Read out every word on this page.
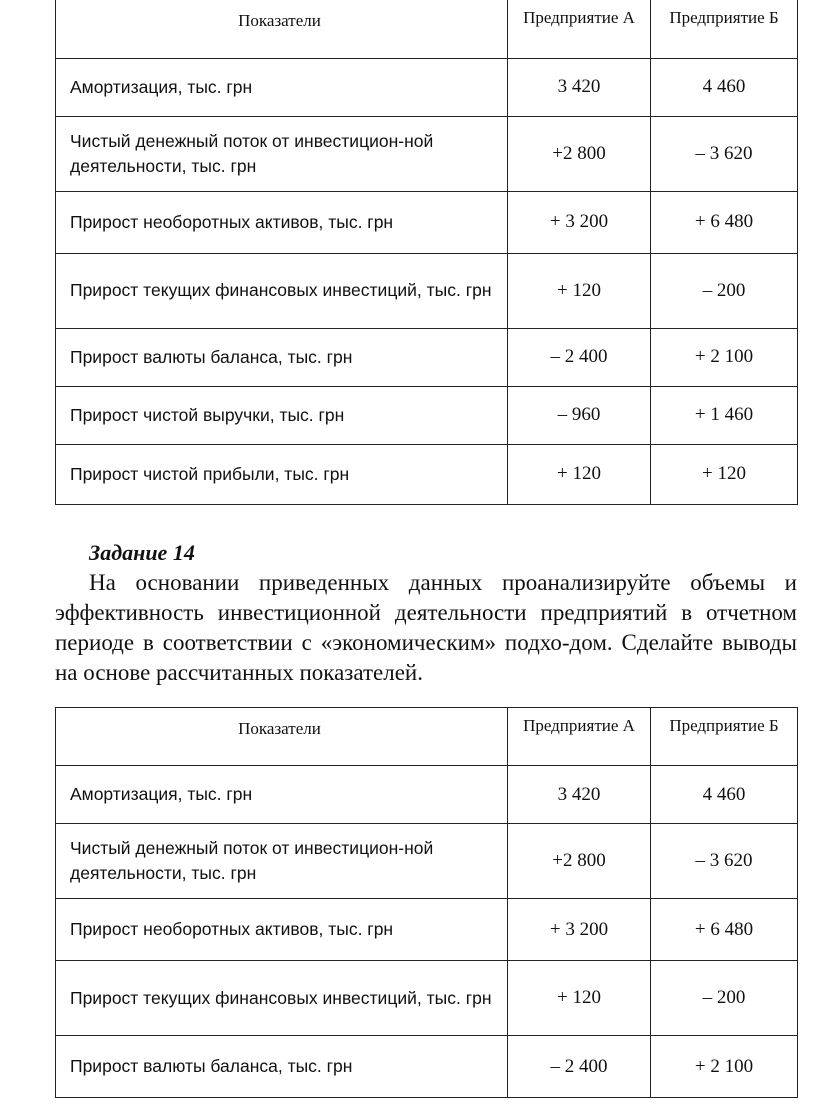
Показатели	Предприятие А	Предприятие Б
Амортизация, тыс. грн	3 420	4 460
Чистый денежный поток от инвестицион-ной деятельности, тыс. грн	+2 800	– 3 620
Прирост необоротных активов, тыс. грн	+ 3 200	+ 6 480
Прирост текущих финансовых инвестиций, тыс. грн	+ 120	– 200
Прирост валюты баланса, тыс. грн	– 2 400	+ 2 100
Прирост чистой выручки, тыс. грн	– 960	+ 1 460
Прирост чистой прибыли, тыс. грн	+ 120	+ 120
Задание 14

На основании приведенных данных проанализируйте объемы и эффективность инвестиционной деятельности предприятий в отчетном периоде в соответствии с «экономическим» подхо-дом. Сделайте выводы на основе рассчитанных показателей.

Показатели	Предприятие А	Предприятие Б
Амортизация, тыс. грн	3 420	4 460
Чистый денежный поток от инвестицион-ной деятельности, тыс. грн	+2 800	– 3 620
Прирост необоротных активов, тыс. грн	+ 3 200	+ 6 480
Прирост текущих финансовых инвестиций, тыс. грн	+ 120	– 200
Прирост валюты баланса, тыс. грн	– 2 400	+ 2 100
